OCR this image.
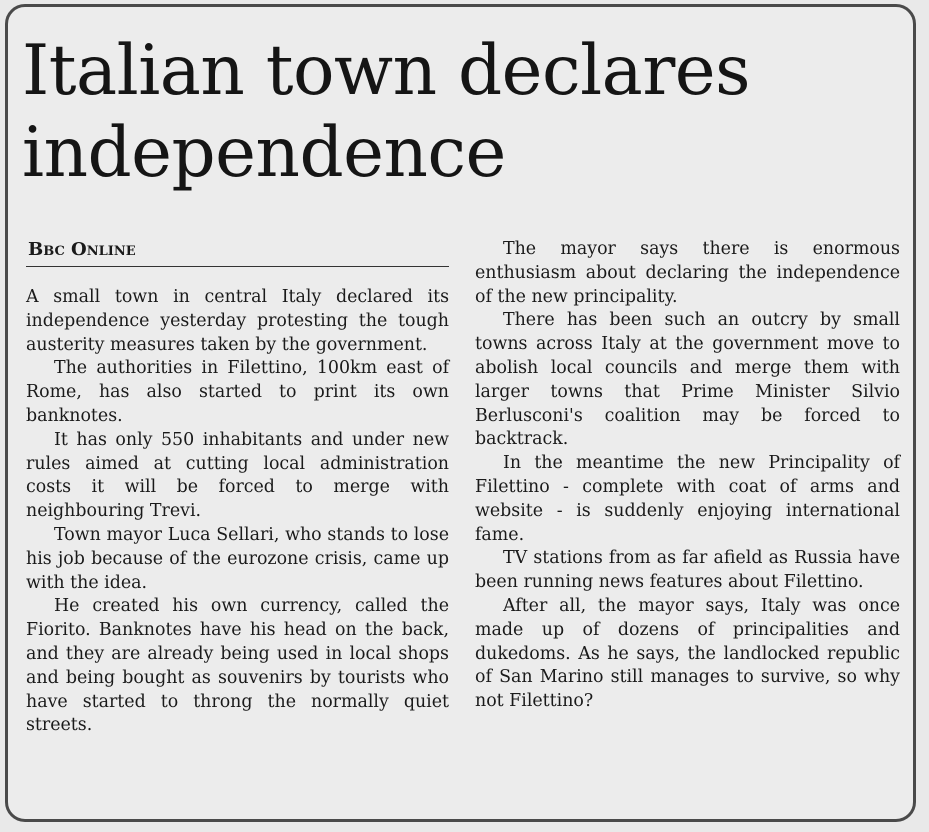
Italian town declares
independence
Bbc Online

A small town in central Italy declared its independence yesterday protesting the tough austerity measures taken by the government.

The authorities in Filettino, 100km east of Rome, has also started to print its own banknotes.

It has only 550 inhabitants and under new rules aimed at cutting local administration costs it will be forced to merge with neighbouring Trevi.

Town mayor Luca Sellari, who stands to lose his job because of the eurozone crisis, came up with the idea.

He created his own currency, called the Fiorito. Banknotes have his head on the back, and they are already being used in local shops and being bought as souvenirs by tourists who have started to throng the normally quiet streets.

The mayor says there is enormous enthusiasm about declaring the independence of the new principality.

There has been such an outcry by small towns across Italy at the government move to abolish local councils and merge them with larger towns that Prime Minister Silvio Berlusconi's coalition may be forced to backtrack.

In the meantime the new Principality of Filettino - complete with coat of arms and website - is suddenly enjoying international fame.

TV stations from as far afield as Russia have been running news features about Filettino.

After all, the mayor says, Italy was once made up of dozens of principalities and dukedoms. As he says, the landlocked republic of San Marino still manages to survive, so why not Filettino?
